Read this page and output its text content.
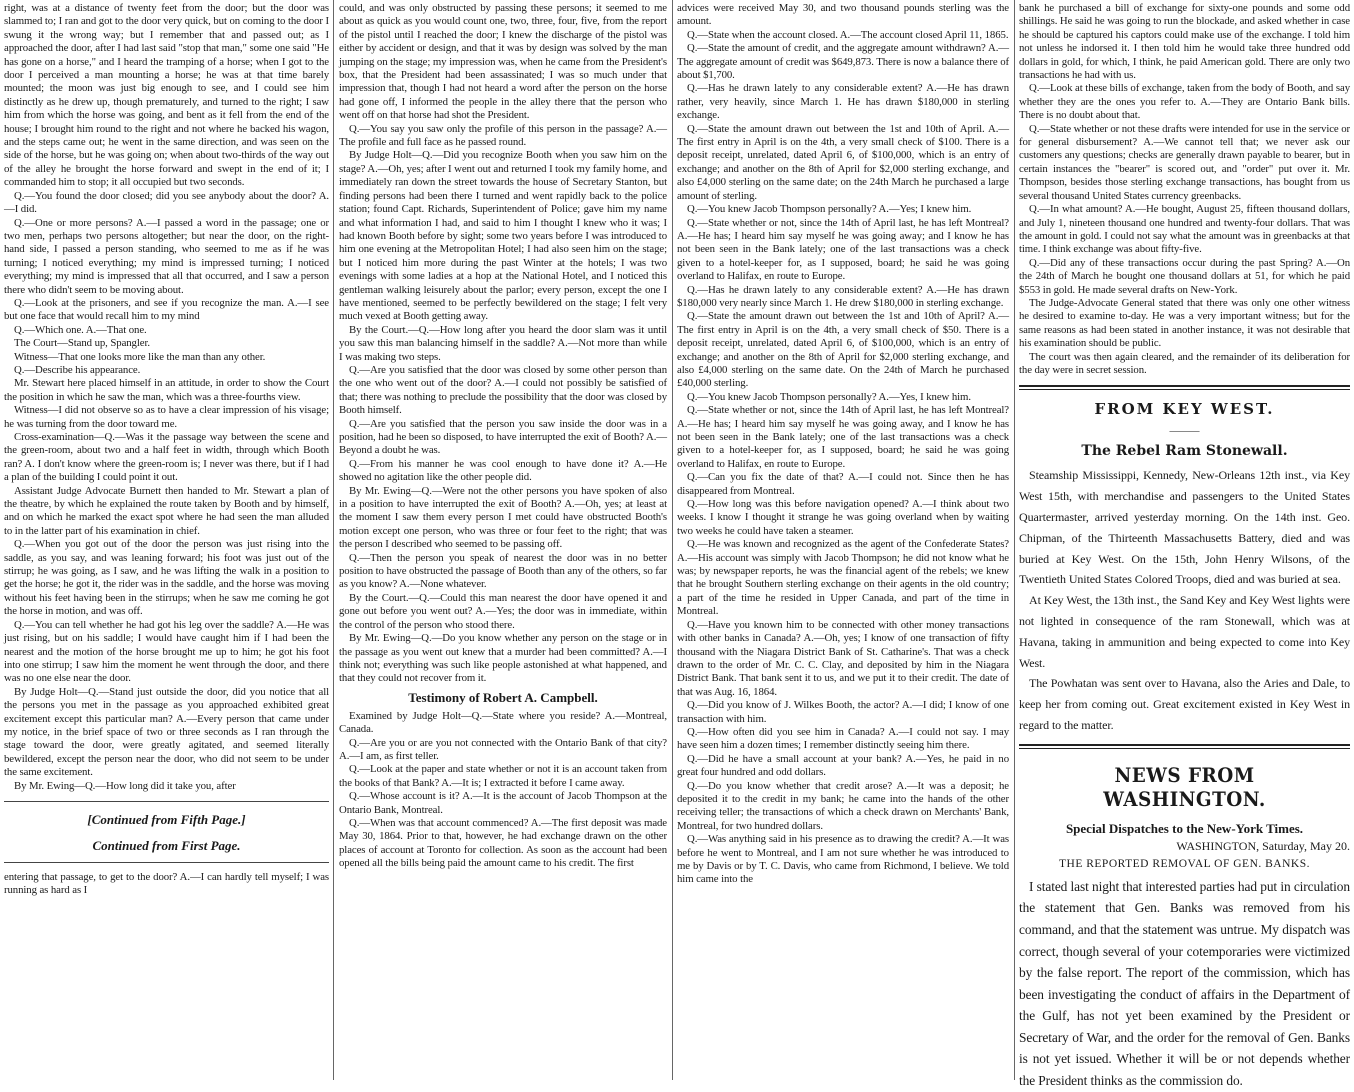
right, was at a distance of twenty feet from the door; but the door was slammed to; I ran and got to the door very quick, but on coming to the door I swung it the wrong way; but I remember that and passed out; as I approached the door, after I had last said "stop that man," some one said "He has gone on a horse," and I heard the tramping of a horse; when I got to the door I perceived a man mounting a horse; he was at that time barely mounted; the moon was just big enough to see, and I could see him distinctly as he drew up, though prematurely, and turned to the right; I saw him from which the horse was going, and bent as it fell from the end of the house; I brought him round to the right and not where he backed his wagon, and the steps came out; he went in the same direction, and was seen on the side of the horse, but he was going on; when about two-thirds of the way out of the alley he brought the horse forward and swept in the end of it; I commanded him to stop; it all occupied but two seconds.

Q.—You found the door closed; did you see anybody about the door? A.—I did.

Q.—One or more persons? A.—I passed a word in the passage; one or two men, perhaps two persons altogether; but near the door, on the right-hand side, I passed a person standing, who seemed to me as if he was turning; I noticed everything; my mind is impressed turning; I noticed everything; my mind is impressed that all that occurred, and I saw a person there who didn't seem to be moving about.

Q.—Look at the prisoners, and see if you recognize the man. A.—I see but one face that would recall him to my mind

Q.—Which one. A.—That one.

The Court—Stand up, Spangler.

Witness—That one looks more like the man than any other.

Q.—Describe his appearance.

Mr. Stewart here placed himself in an attitude, in order to show the Court the position in which he saw the man, which was a three-fourths view.

Witness—I did not observe so as to have a clear impression of his visage; he was turning from the door toward me.

Cross-examination—Q.—Was it the passage way between the scene and the green-room, about two and a half feet in width, through which Booth ran? A. I don't know where the green-room is; I never was there, but if I had a plan of the building I could point it out.

Assistant Judge Advocate Burnett then handed to Mr. Stewart a plan of the theatre, by which he explained the route taken by Booth and by himself, and on which he marked the exact spot where he had seen the man alluded to in the latter part of his examination in chief.

Q.—When you got out of the door the person was just rising into the saddle, as you say, and was leaning forward; his foot was just out of the stirrup; he was going, as I saw, and he was lifting the walk in a position to get the horse; he got it, the rider was in the saddle, and the horse was moving without his feet having been in the stirrups; when he saw me coming he got the horse in motion, and was off.

Q.—You can tell whether he had got his leg over the saddle? A.—He was just rising, but on his saddle; I would have caught him if I had been the nearest and the motion of the horse brought me up to him; he got his foot into one stirrup; I saw him the moment he went through the door, and there was no one else near the door.

By Judge Holt—Q.—Stand just outside the door, did you notice that all the persons you met in the passage as you approached exhibited great excitement except this particular man? A.—Every person that came under my notice, in the brief space of two or three seconds as I ran through the stage toward the door, were greatly agitated, and seemed literally bewildered, except the person near the door, who did not seem to be under the same excitement.

By Mr. Ewing—Q.—How long did it take you, after

[Continued from Fifth Page.]
Continued from First Page.

entering that passage, to get to the door? A.—I can hardly tell myself; I was running as hard as I

could, and was only obstructed by passing these persons; it seemed to me about as quick as you would count one, two, three, four, five, from the report of the pistol until I reached the door; I knew the discharge of the pistol was either by accident or design, and that it was by design was solved by the man jumping on the stage; my impression was, when he came from the President's box, that the President had been assassinated; I was so much under that impression that, though I had not heard a word after the person on the horse had gone off, I informed the people in the alley there that the person who went off on that horse had shot the President.

Q.—You say you saw only the profile of this person in the passage? A.—The profile and full face as he passed round.

By Judge Holt—Q.—Did you recognize Booth when you saw him on the stage? A.—Oh, yes; after I went out and returned I took my family home, and immediately ran down the street towards the house of Secretary Stanton, but finding persons had been there I turned and went rapidly back to the police station; found Capt. Richards, Superintendent of Police; gave him my name and what information I had, and said to him I thought I knew who it was; I had known Booth before by sight; some two years before I was introduced to him one evening at the Metropolitan Hotel; I had also seen him on the stage; but I noticed him more during the past Winter at the hotels; I was two evenings with some ladies at a hop at the National Hotel, and I noticed this gentleman walking leisurely about the parlor; every person, except the one I have mentioned, seemed to be perfectly bewildered on the stage; I felt very much vexed at Booth getting away.

By the Court.—Q.—How long after you heard the door slam was it until you saw this man balancing himself in the saddle? A.—Not more than while I was making two steps.

Q.—Are you satisfied that the door was closed by some other person than the one who went out of the door? A.—I could not possibly be satisfied of that; there was nothing to preclude the possibility that the door was closed by Booth himself.

Q.—Are you satisfied that the person you saw inside the door was in a position, had he been so disposed, to have interrupted the exit of Booth? A.—Beyond a doubt he was.

Q.—From his manner he was cool enough to have done it? A.—He showed no agitation like the other people did.

By Mr. Ewing—Q.—Were not the other persons you have spoken of also in a position to have interrupted the exit of Booth? A.—Oh, yes; at least at the moment I saw them every person I met could have obstructed Booth's motion except one person, who was three or four feet to the right; that was the person I described who seemed to be passing off.

Q.—Then the person you speak of nearest the door was in no better position to have obstructed the passage of Booth than any of the others, so far as you know? A.—None whatever.

By the Court.—Q.—Could this man nearest the door have opened it and gone out before you went out? A.—Yes; the door was in immediate, within the control of the person who stood there.

By Mr. Ewing—Q.—Do you know whether any person on the stage or in the passage as you went out knew that a murder had been committed? A.—I think not; everything was such like people astonished at what happened, and that they could not recover from it.

Testimony of Robert A. Campbell.

Examined by Judge Holt—Q.—State where you reside? A.—Montreal, Canada.

Q.—Are you or are you not connected with the Ontario Bank of that city? A.—I am, as first teller.

Q.—Look at the paper and state whether or not it is an account taken from the books of that Bank? A.—It is; I extracted it before I came away.

Q.—Whose account is it? A.—It is the account of Jacob Thompson at the Ontario Bank, Montreal.

Q.—When was that account commenced? A.—The first deposit was made May 30, 1864. Prior to that, however, he had exchange drawn on the other places of account at Toronto for collection. As soon as the account had been opened all the bills being paid the amount came to his credit. The first

advices were received May 30, and two thousand pounds sterling was the amount.

Q.—State when the account closed. A.—The account closed April 11, 1865.

Q.—State the amount of credit, and the aggregate amount withdrawn? A.—The aggregate amount of credit was $649,873. There is now a balance there of about $1,700.

Q.—Has he drawn lately to any considerable extent? A.—He has drawn rather, very heavily, since March 1. He has drawn $180,000 in sterling exchange.

Q.—State the amount drawn out between the 1st and 10th of April. A.—The first entry in April is on the 4th, a very small check of $100. There is a deposit receipt, unrelated, dated April 6, of $100,000, which is an entry of exchange; and another on the 8th of April for $2,000 sterling exchange, and also £4,000 sterling on the same date; on the 24th March he purchased a large amount of sterling.

Q.—You knew Jacob Thompson personally? A.—Yes; I knew him.

Q.—State whether or not, since the 14th of April last, he has left Montreal? A.—He has; I heard him say myself he was going away; and I know he has not been seen in the Bank lately; one of the last transactions was a check given to a hotel-keeper for, as I supposed, board; he said he was going overland to Halifax, en route to Europe.

Q.—Has he drawn lately to any considerable extent? A.—He has drawn $180,000 very nearly since March 1. He drew $180,000 in sterling exchange.

Q.—State the amount drawn out between the 1st and 10th of April? A.—The first entry in April is on the 4th, a very small check of $50. There is a deposit receipt, unrelated, dated April 6, of $100,000, which is an entry of exchange; and another on the 8th of April for $2,000 sterling exchange, and also £4,000 sterling on the same date. On the 24th of March he purchased £40,000 sterling.

Q.—You knew Jacob Thompson personally? A.—Yes, I knew him.

Q.—State whether or not, since the 14th of April last, he has left Montreal? A.—He has; I heard him say myself he was going away, and I know he has not been seen in the Bank lately; one of the last transactions was a check given to a hotel-keeper for, as I supposed, board; he said he was going overland to Halifax, en route to Europe.

Q.—Can you fix the date of that? A.—I could not. Since then he has disappeared from Montreal.

Q.—How long was this before navigation opened? A.—I think about two weeks. I know I thought it strange he was going overland when by waiting two weeks he could have taken a steamer.

Q.—He was known and recognized as the agent of the Confederate States? A.—His account was simply with Jacob Thompson; he did not know what he was; by newspaper reports, he was the financial agent of the rebels; we knew that he brought Southern sterling exchange on their agents in the old country; a part of the time he resided in Upper Canada, and part of the time in Montreal.

Q.—Have you known him to be connected with other money transactions with other banks in Canada? A.—Oh, yes; I know of one transaction of fifty thousand with the Niagara District Bank of St. Catharine's. That was a check drawn to the order of Mr. C. C. Clay, and deposited by him in the Niagara District Bank. That bank sent it to us, and we put it to their credit. The date of that was Aug. 16, 1864.

Q.—Did you know of J. Wilkes Booth, the actor? A.—I did; I know of one transaction with him.

Q.—How often did you see him in Canada? A.—I could not say. I may have seen him a dozen times; I remember distinctly seeing him there.

Q.—Did he have a small account at your bank? A.—Yes, he paid in no great four hundred and odd dollars.

Q.—Do you know whether that credit arose? A.—It was a deposit; he deposited it to the credit in my bank; he came into the hands of the other receiving teller; the transactions of which a check drawn on Merchants' Bank, Montreal, for two hundred dollars.

Q.—Was anything said in his presence as to drawing the credit? A.—It was before he went to Montreal, and I am not sure whether he was introduced to me by Davis or by T. C. Davis, who came from Richmond, I believe. We told him came into the

bank he purchased a bill of exchange for sixty-one pounds and some odd shillings. He said he was going to run the blockade, and asked whether in case he should be captured his captors could make use of the exchange. I told him not unless he indorsed it. I then told him he would take three hundred odd dollars in gold, for which, I think, he paid American gold. There are only two transactions he had with us.

Q.—Look at these bills of exchange, taken from the body of Booth, and say whether they are the ones you refer to. A.—They are Ontario Bank bills. There is no doubt about that.

Q.—State whether or not these drafts were intended for use in the service or for general disbursement? A.—We cannot tell that; we never ask our customers any questions; checks are generally drawn payable to bearer, but in certain instances the "bearer" is scored out, and "order" put over it. Mr. Thompson, besides those sterling exchange transactions, has bought from us several thousand United States currency greenbacks.

Q.—In what amount? A.—He bought, August 25, fifteen thousand dollars, and July 1, nineteen thousand one hundred and twenty-four dollars. That was the amount in gold. I could not say what the amount was in greenbacks at that time. I think exchange was about fifty-five.

Q.—Did any of these transactions occur during the past Spring? A.—On the 24th of March he bought one thousand dollars at 51, for which he paid $553 in gold. He made several drafts on New-York.

The Judge-Advocate General stated that there was only one other witness he desired to examine to-day. He was a very important witness; but for the same reasons as had been stated in another instance, it was not desirable that his examination should be public.

The court was then again cleared, and the remainder of its deliberation for the day were in secret session.

FROM KEY WEST.
———
The Rebel Ram Stonewall.

Steamship Mississippi, Kennedy, New-Orleans 12th inst., via Key West 15th, with merchandise and passengers to the United States Quartermaster, arrived yesterday morning. On the 14th inst. Geo. Chipman, of the Thirteenth Massachusetts Battery, died and was buried at Key West. On the 15th, John Henry Wilsons, of the Twentieth United States Colored Troops, died and was buried at sea.

At Key West, the 13th inst., the Sand Key and Key West lights were not lighted in consequence of the ram Stonewall, which was at Havana, taking in ammunition and being expected to come into Key West.

The Powhatan was sent over to Havana, also the Aries and Dale, to keep her from coming out. Great excitement existed in Key West in regard to the matter.

NEWS FROM WASHINGTON.
Special Dispatches to the New-York Times.
WASHINGTON, Saturday, May 20.
THE REPORTED REMOVAL OF GEN. BANKS.

I stated last night that interested parties had put in circulation the statement that Gen. Banks was removed from his command, and that the statement was untrue. My dispatch was correct, though several of your cotemporaries were victimized by the false report. The report of the commission, which has been investigating the conduct of affairs in the Department of the Gulf, has not yet been examined by the President or Secretary of War, and the order for the removal of Gen. Banks is not yet issued. Whether it will be or not depends whether the President thinks as the commission do.
